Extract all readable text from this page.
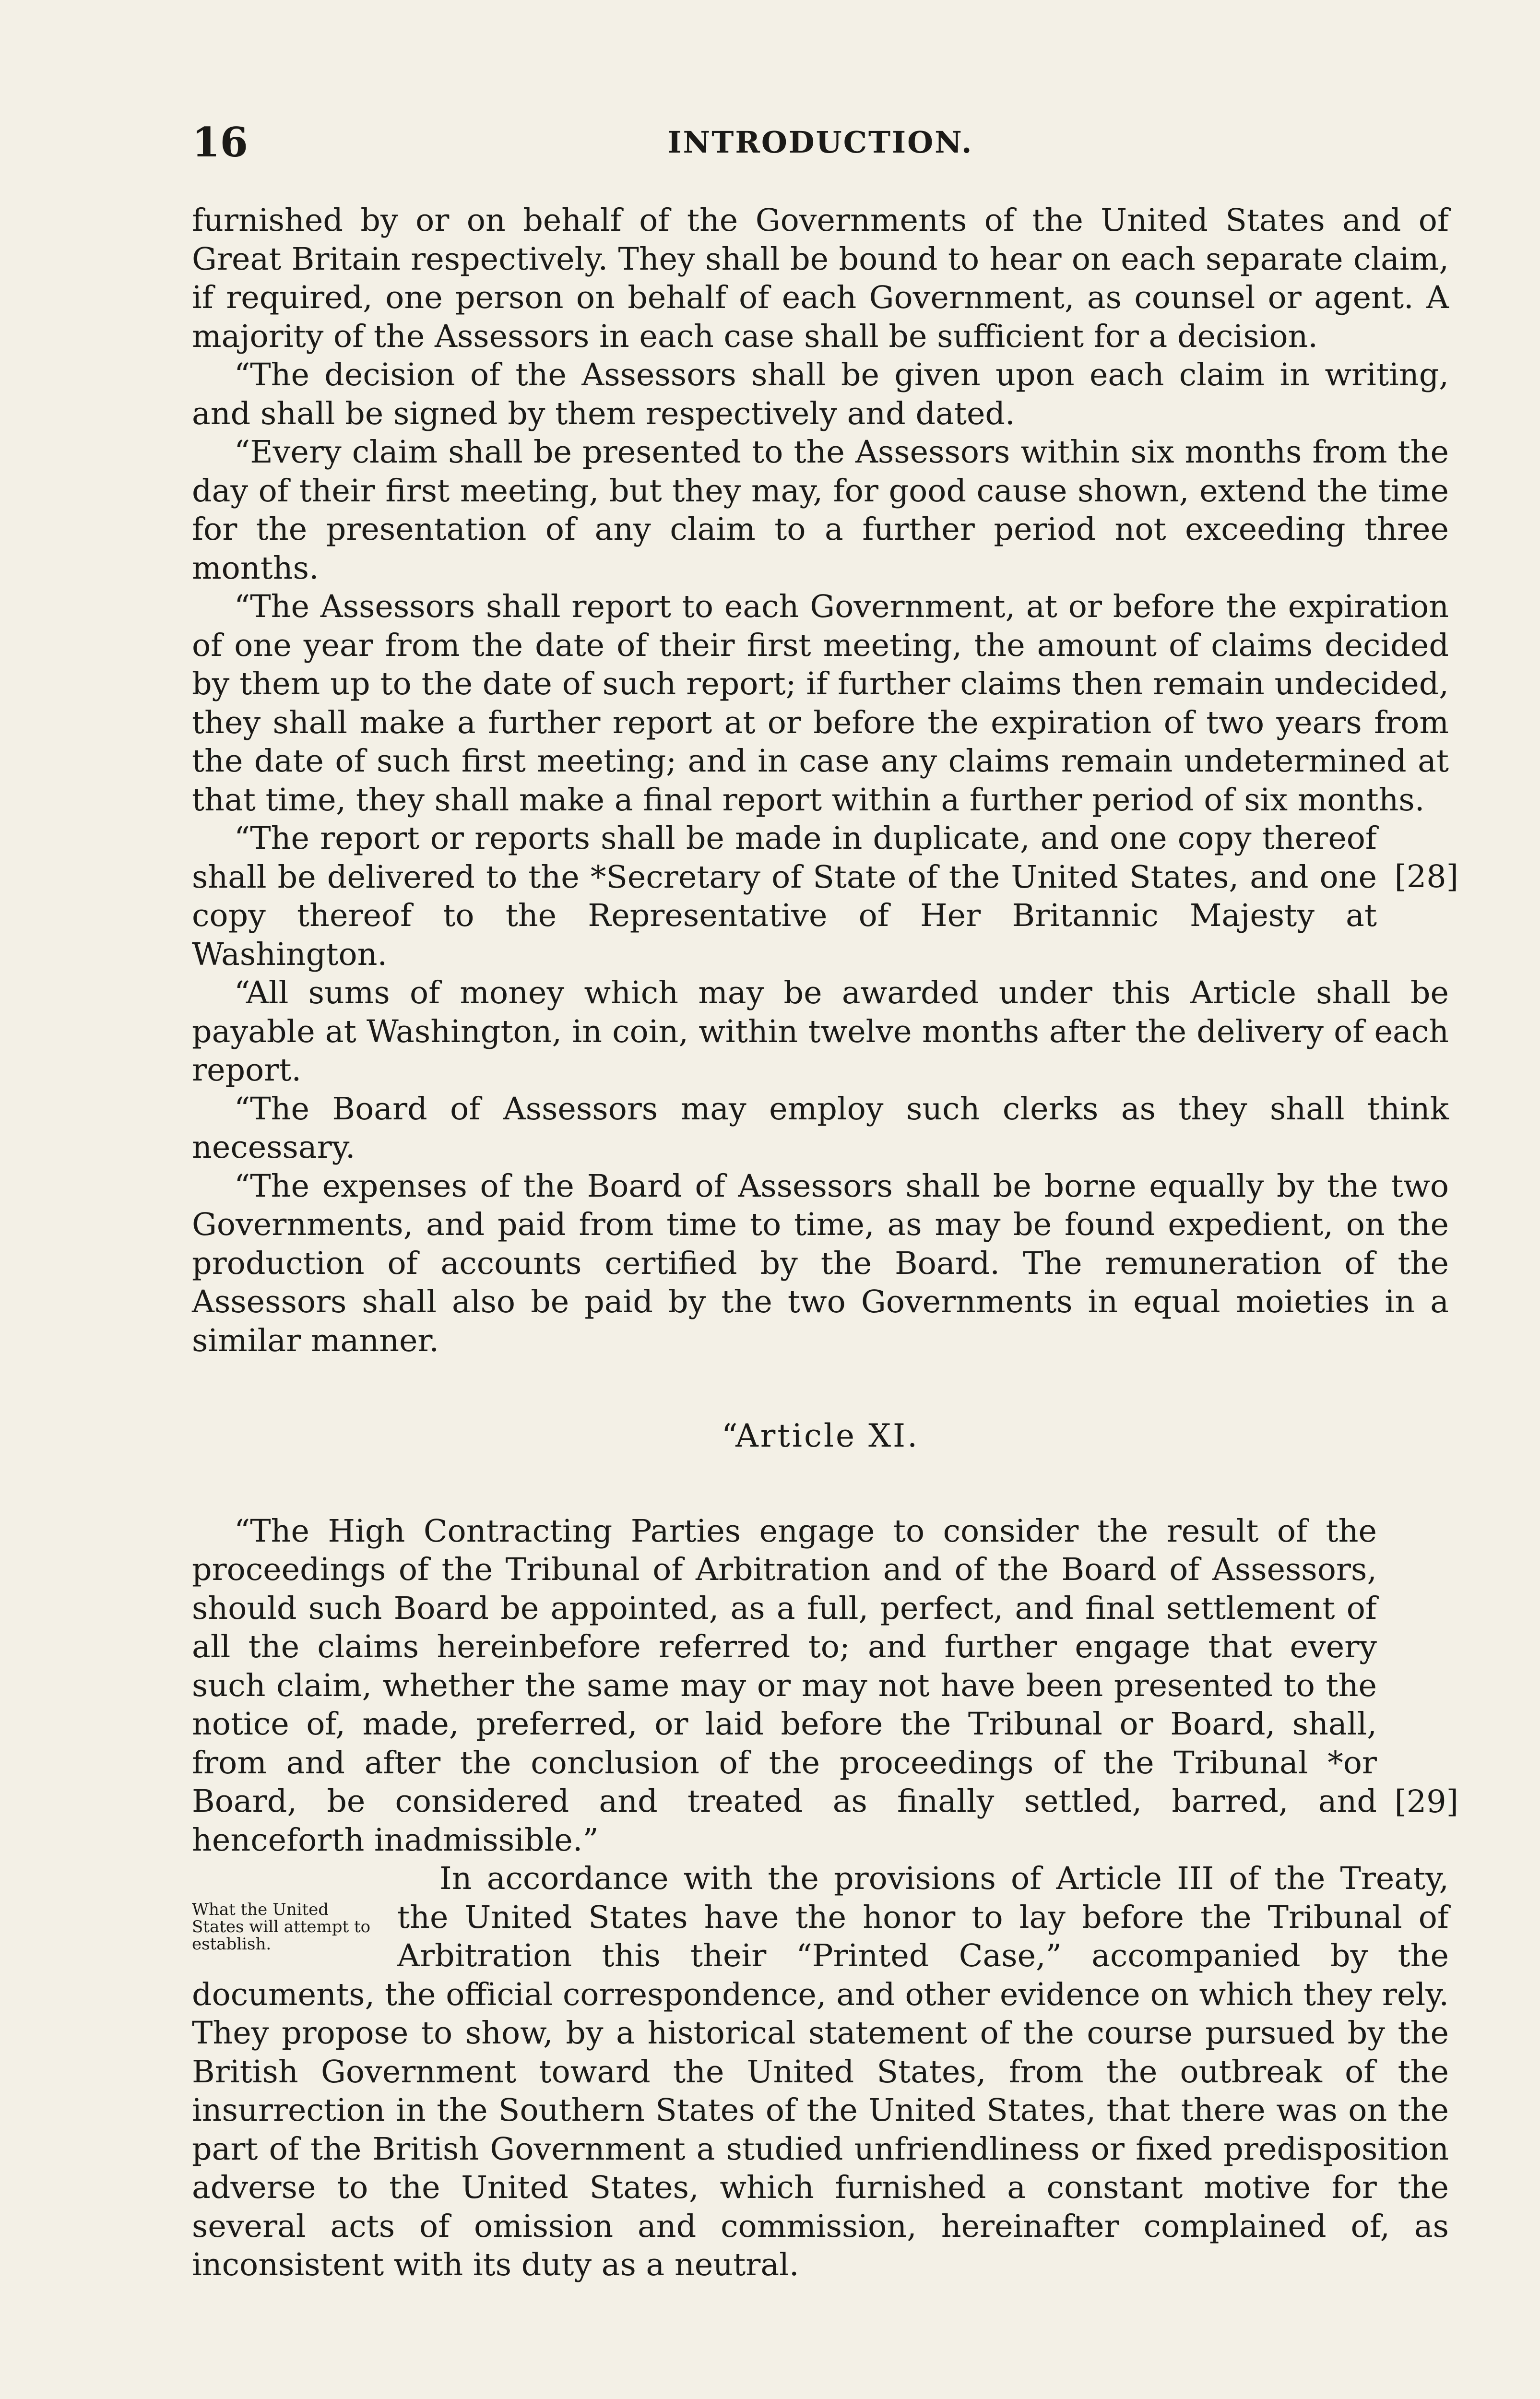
16	INTRODUCTION.

furnished by or on behalf of the Governments of the United States and of Great Britain respectively. They shall be bound to hear on each separate claim, if required, one person on behalf of each Government, as counsel or agent. A majority of the Assessors in each case shall be sufficient for a decision.

“The decision of the Assessors shall be given upon each claim in writing, and shall be signed by them respectively and dated.

“Every claim shall be presented to the Assessors within six months from the day of their first meeting, but they may, for good cause shown, extend the time for the presentation of any claim to a further period not exceeding three months.

“The Assessors shall report to each Government, at or before the expiration of one year from the date of their first meeting, the amount of claims decided by them up to the date of such report; if further claims then remain undecided, they shall make a further report at or before the expiration of two years from the date of such first meeting; and in case any claims remain undetermined at that time, they shall make a final report within a further period of six months.

“The report or reports shall be made in duplicate, and one copy thereof shall be delivered to the *Secretary of State of the United States, and one copy thereof to the Representative of Her Britannic Majesty at Washington.

[28]

“All sums of money which may be awarded under this Article shall be payable at Washington, in coin, within twelve months after the delivery of each report.

“The Board of Assessors may employ such clerks as they shall think necessary.

“The expenses of the Board of Assessors shall be borne equally by the two Governments, and paid from time to time, as may be found expedient, on the production of accounts certified by the Board. The remuneration of the Assessors shall also be paid by the two Governments in equal moieties in a similar manner.

“Article XI.

“The High Contracting Parties engage to consider the result of the proceedings of the Tribunal of Arbitration and of the Board of Assessors, should such Board be appointed, as a full, perfect, and final settlement of all the claims hereinbefore referred to; and further engage that every such claim, whether the same may or may not have been presented to the notice of, made, preferred, or laid before the Tribunal or Board, shall, from and after the conclusion of the proceedings of the Tribunal *or Board, be considered and treated as finally settled, barred, and henceforth inadmissible.”

[29]

What the United States will attempt to establish.
In accordance with the provisions of Article III of the Treaty, the United States have the honor to lay before the Tribunal of Arbitration this their “Printed Case,” accompanied by the documents, the official correspondence, and other evidence on which they rely. They propose to show, by a historical statement of the course pursued by the British Government toward the United States, from the outbreak of the insurrection in the Southern States of the United States, that there was on the part of the British Government a studied unfriendliness or fixed predisposition adverse to the United States, which furnished a constant motive for the several acts of omission and commission, hereinafter complained of, as inconsistent with its duty as a neutral.
